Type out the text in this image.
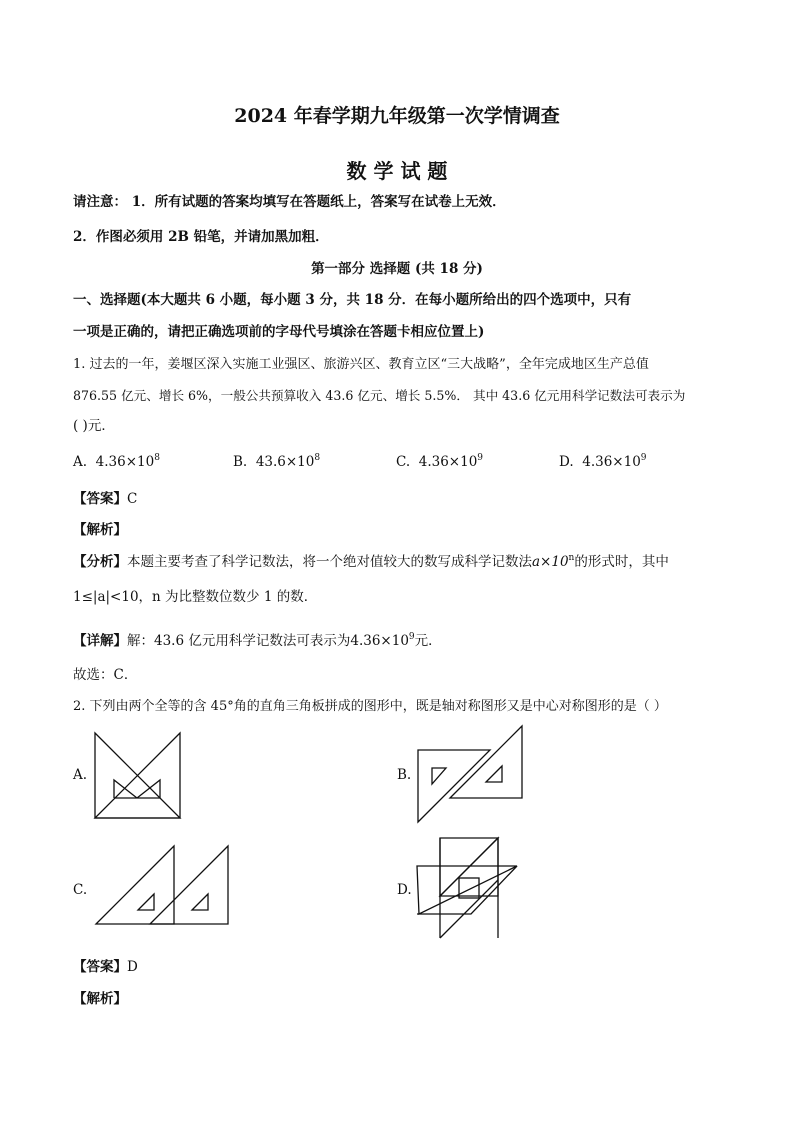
2024 年春学期九年级第一次学情调查
数 学 试 题
请注意： 1．所有试题的答案均填写在答题纸上，答案写在试卷上无效．
2．作图必须用 2B 铅笔，并请加黑加粗．
第一部分 选择题 (共 18 分)
一、选择题(本大题共 6 小题，每小题 3 分，共 18 分．在每小题所给出的四个选项中，只有
一项是正确的，请把正确选项前的字母代号填涂在答题卡相应位置上)
1. 过去的一年，姜堰区深入实施工业强区、旅游兴区、教育立区“三大战略”，全年完成地区生产总值
876.55 亿元、增长 6%，一般公共预算收入 43.6 亿元、增长 5.5%． 其中 43.6 亿元用科学记数法可表示为
( )元．
A. $4.36\times 10^8$	B. $43.6\times 10^8$	C. $4.36\times 10^9$	D. $4.36\times 10^9$
【答案】C
【解析】
【分析】本题主要考查了科学记数法，将一个绝对值较大的数写成科学记数法$a\times 10^n$的形式时，其中
1≤|a|<10，n 为比整数位数少 1 的数．
【详解】解：43.6 亿元用科学记数法可表示为$4.36\times 10^9$元．
故选：C．
2. 下列由两个全等的含 45°角的直角三角板拼成的图形中，既是轴对称图形又是中心对称图形的是（ ）
A.	B.
C.	D.
【答案】D
【解析】
